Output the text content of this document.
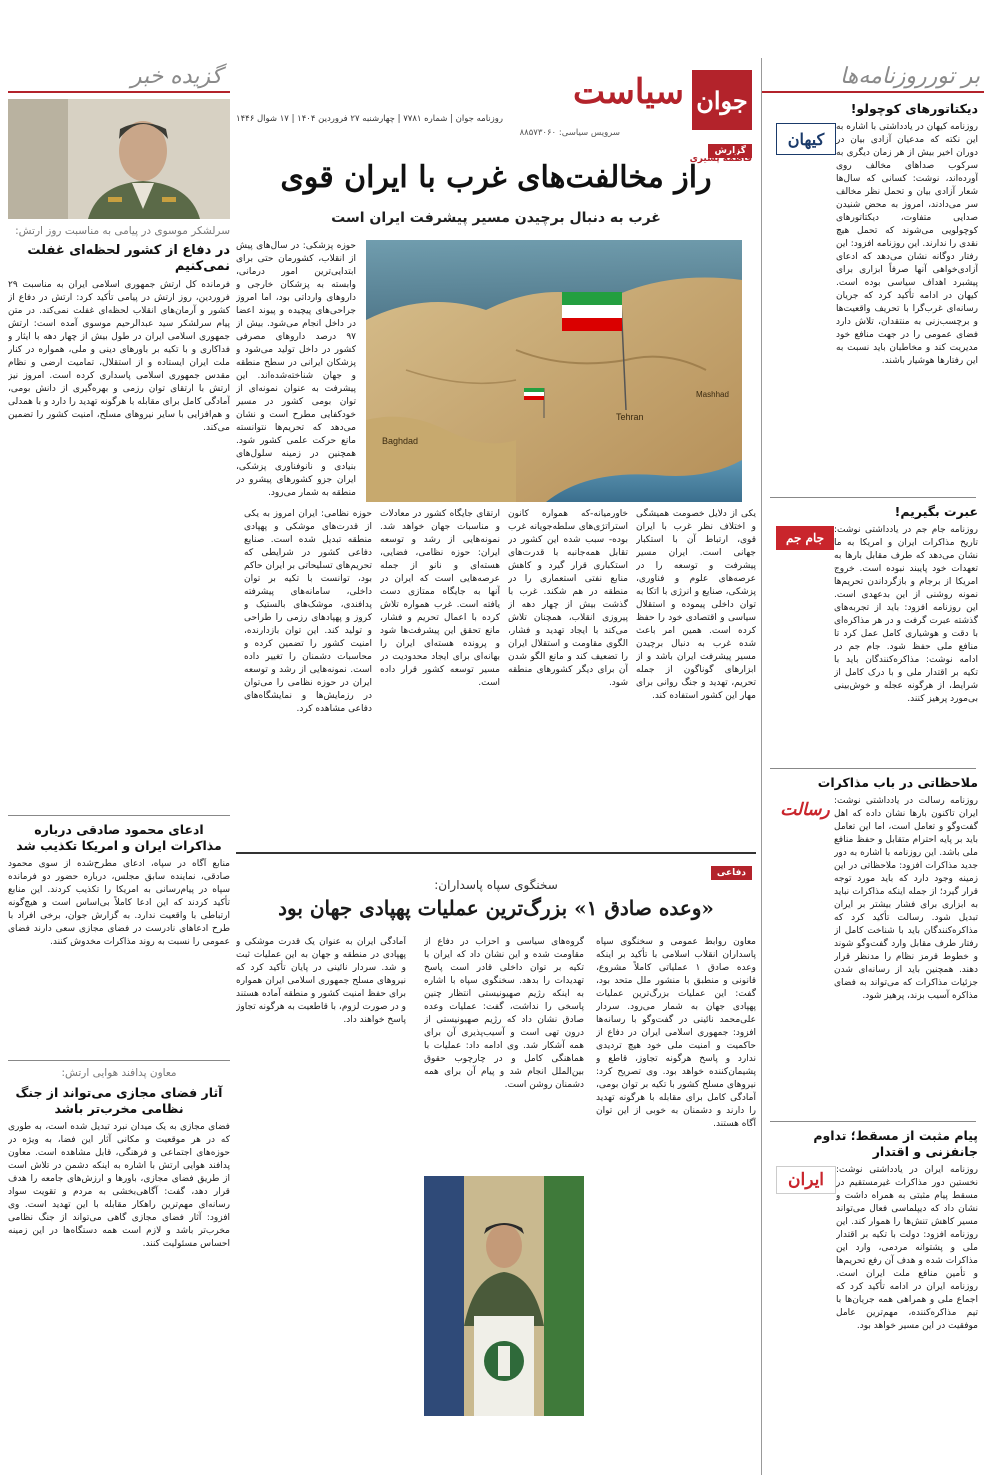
بر تورروزنامه‌ها
دیکتاتورهای کوچولو!
کیهان

روزنامه کیهان در یادداشتی با اشاره به این نکته که مدعیان آزادی بیان در دوران اخیر بیش از هر زمان دیگری به سرکوب صداهای مخالف روی آورده‌اند، نوشت: کسانی که سال‌ها شعار آزادی بیان و تحمل نظر مخالف سر می‌دادند، امروز به محض شنیدن صدایی متفاوت، دیکتاتورهای کوچولویی می‌شوند که تحمل هیچ نقدی را ندارند. این روزنامه افزود: این رفتار دوگانه نشان می‌دهد که ادعای آزادی‌خواهی آنها صرفاً ابزاری برای پیشبرد اهداف سیاسی بوده است. کیهان در ادامه تأکید کرد که جریان رسانه‌ای غرب‌گرا با تحریف واقعیت‌ها و برچسب‌زنی به منتقدان، تلاش دارد فضای عمومی را در جهت منافع خود مدیریت کند و مخاطبان باید نسبت به این رفتارها هوشیار باشند.

عبرت بگیریم!
جام جم

روزنامه جام جم در یادداشتی نوشت: تاریخ مذاکرات ایران و امریکا به ما نشان می‌دهد که طرف مقابل بارها به تعهدات خود پایبند نبوده است. خروج امریکا از برجام و بازگرداندن تحریم‌ها نمونه روشنی از این بدعهدی است. این روزنامه افزود: باید از تجربه‌های گذشته عبرت گرفت و در هر مذاکره‌ای با دقت و هوشیاری کامل عمل کرد تا منافع ملی حفظ شود. جام جم در ادامه نوشت: مذاکره‌کنندگان باید با تکیه بر اقتدار ملی و با درک کامل از شرایط، از هرگونه عجله و خوش‌بینی بی‌مورد پرهیز کنند.

ملاحظاتی در باب مذاکرات
رسالت روزنامه رسالت در یادداشتی نوشت: ایران تاکنون بارها نشان داده که اهل گفت‌وگو و تعامل است، اما این تعامل باید بر پایه احترام متقابل و حفظ منافع ملی باشد. این روزنامه با اشاره به دور جدید مذاکرات افزود: ملاحظاتی در این زمینه وجود دارد که باید مورد توجه قرار گیرد؛ از جمله اینکه مذاکرات نباید به ابزاری برای فشار بیشتر بر ایران تبدیل شود. رسالت تأکید کرد که مذاکره‌کنندگان باید با شناخت کامل از رفتار طرف مقابل وارد گفت‌وگو شوند و خطوط قرمز نظام را مدنظر قرار دهند. همچنین باید از رسانه‌ای شدن جزئیات مذاکرات که می‌تواند به فضای مذاکره آسیب بزند، پرهیز شود.

پیام مثبت از مسقط؛ تداوم جانفزنی و اقتدار
ایران روزنامه ایران در یادداشتی نوشت: نخستین دور مذاکرات غیرمستقیم در مسقط پیام مثبتی به همراه داشت و نشان داد که دیپلماسی فعال می‌تواند مسیر کاهش تنش‌ها را هموار کند. این روزنامه افزود: دولت با تکیه بر اقتدار ملی و پشتوانه مردمی، وارد این مذاکرات شده و هدف آن رفع تحریم‌ها و تأمین منافع ملت ایران است. روزنامه ایران در ادامه تأکید کرد که اجماع ملی و همراهی همه جریان‌ها با تیم مذاکره‌کننده، مهم‌ترین عامل موفقیت در این مسیر خواهد بود.

گزیده خبر
سرلشکر موسوی در پیامی به مناسبت روز ارتش:
در دفاع از کشور لحظه‌ای غفلت نمی‌کنیم

فرمانده کل ارتش جمهوری اسلامی ایران به مناسبت ۲۹ فروردین، روز ارتش در پیامی تأکید کرد: ارتش در دفاع از کشور و آرمان‌های انقلاب لحظه‌ای غفلت نمی‌کند. در متن پیام سرلشکر سید عبدالرحیم موسوی آمده است: ارتش جمهوری اسلامی ایران در طول بیش از چهار دهه با ایثار و فداکاری و با تکیه بر باورهای دینی و ملی، همواره در کنار ملت ایران ایستاده و از استقلال، تمامیت ارضی و نظام مقدس جمهوری اسلامی پاسداری کرده است. امروز نیز ارتش با ارتقای توان رزمی و بهره‌گیری از دانش بومی، آمادگی کامل برای مقابله با هرگونه تهدید را دارد و با همدلی و هم‌افزایی با سایر نیروهای مسلح، امنیت کشور را تضمین می‌کند.

ادعای محمود صادقی درباره مذاکرات ایران و امریکا تکذیب شد

منابع آگاه در سپاه، ادعای مطرح‌شده از سوی محمود صادقی، نماینده سابق مجلس، درباره حضور دو فرمانده سپاه در پیام‌رسانی به امریکا را تکذیب کردند. این منابع تأکید کردند که این ادعا کاملاً بی‌اساس است و هیچ‌گونه ارتباطی با واقعیت ندارد. به گزارش جوان، برخی افراد با طرح ادعاهای نادرست در فضای مجازی سعی دارند فضای عمومی را نسبت به روند مذاکرات مخدوش کنند.

معاون پدافند هوایی ارتش:
آثار فضای مجازی می‌تواند از جنگ نظامی مخرب‌تر باشد

فضای مجازی به یک میدان نبرد تبدیل شده است، به طوری که در هر موقعیت و مکانی آثار این فضا، به ویژه در حوزه‌های اجتماعی و فرهنگی، قابل مشاهده است. معاون پدافند هوایی ارتش با اشاره به اینکه دشمن در تلاش است از طریق فضای مجازی، باورها و ارزش‌های جامعه را هدف قرار دهد، گفت: آگاهی‌بخشی به مردم و تقویت سواد رسانه‌ای مهم‌ترین راهکار مقابله با این تهدید است. وی افزود: آثار فضای مجازی گاهی می‌تواند از جنگ نظامی مخرب‌تر باشد و لازم است همه دستگاه‌ها در این زمینه احساس مسئولیت کنند.

جوان
سیاست
روزنامه جوان | شماره ۷۷۸۱ | چهارشنبه ۲۷ فروردین ۱۴۰۴ | ۱۷ شوال ۱۴۴۶
سرویس سیاسی: ۸۸۵۷۳۰۶۰
گزارش
فاطمه پسیری
راز مخالفت‌های غرب با ایران قوی
غرب به دنبال برچیدن مسیر پیشرفت ایران است
Tehran
Baghdad
Mashhad

حوزه پزشکی: در سال‌های پیش از انقلاب، کشورمان حتی برای ابتدایی‌ترین امور درمانی، وابسته به پزشکان خارجی و داروهای وارداتی بود، اما امروز جراحی‌های پیچیده و پیوند اعضا در داخل انجام می‌شود. بیش از ۹۷ درصد داروهای مصرفی کشور در داخل تولید می‌شود و پزشکان ایرانی در سطح منطقه و جهان شناخته‌شده‌اند. این پیشرفت به عنوان نمونه‌ای از توان بومی کشور در مسیر خودکفایی مطرح است و نشان می‌دهد که تحریم‌ها نتوانسته مانع حرکت علمی کشور شود. همچنین در زمینه سلول‌های بنیادی و نانوفناوری پزشکی، ایران جزو کشورهای پیشرو در منطقه به شمار می‌رود.

یکی از دلایل خصومت همیشگی و اختلاف نظر غرب با ایران قوی، ارتباط آن با استکبار جهانی است. ایران مسیر پیشرفت و توسعه را در عرصه‌های علوم و فناوری، پزشکی، صنایع و انرژی با اتکا به توان داخلی پیموده و استقلال سیاسی و اقتصادی خود را حفظ کرده است. همین امر باعث شده غرب به دنبال برچیدن مسیر پیشرفت ایران باشد و از ابزارهای گوناگون از جمله تحریم، تهدید و جنگ روانی برای مهار این کشور استفاده کند.

خاورمیانه-که همواره کانون استراتژی‌های سلطه‌جویانه غرب بوده- سبب شده این کشور در تقابل همه‌جانبه با قدرت‌های استکباری قرار گیرد و کاهش منابع نفتی استعماری را در منطقه در هم شکند. غرب با گذشت بیش از چهار دهه از پیروزی انقلاب، همچنان تلاش می‌کند با ایجاد تهدید و فشار، الگوی مقاومت و استقلال ایران را تضعیف کند و مانع الگو شدن آن برای دیگر کشورهای منطقه شود.

ارتقای جایگاه کشور در معادلات و مناسبات جهان خواهد شد. نمونه‌هایی از رشد و توسعه ایران: حوزه نظامی، فضایی، هسته‌ای و نانو از جمله عرصه‌هایی است که ایران در آنها به جایگاه ممتازی دست یافته است. غرب همواره تلاش کرده با اعمال تحریم و فشار، مانع تحقق این پیشرفت‌ها شود و پرونده هسته‌ای ایران را بهانه‌ای برای ایجاد محدودیت در مسیر توسعه کشور قرار داده است.

حوزه نظامی: ایران امروز به یکی از قدرت‌های موشکی و پهپادی منطقه تبدیل شده است. صنایع دفاعی کشور در شرایطی که تحریم‌های تسلیحاتی بر ایران حاکم بود، توانست با تکیه بر توان داخلی، سامانه‌های پیشرفته پدافندی، موشک‌های بالستیک و کروز و پهپادهای رزمی را طراحی و تولید کند. این توان بازدارنده، امنیت کشور را تضمین کرده و محاسبات دشمنان را تغییر داده است. نمونه‌هایی از رشد و توسعه ایران در حوزه نظامی را می‌توان در رزمایش‌ها و نمایشگاه‌های دفاعی مشاهده کرد.

دفاعی
سخنگوی سپاه پاسداران:
«وعده صادق ۱» بزرگ‌ترین عملیات پهپادی جهان بود

معاون روابط عمومی و سخنگوی سپاه پاسداران انقلاب اسلامی با تأکید بر اینکه وعده صادق ۱ عملیاتی کاملاً مشروع، قانونی و منطبق با منشور ملل متحد بود، گفت: این عملیات بزرگ‌ترین عملیات پهپادی جهان به شمار می‌رود. سردار علی‌محمد نائینی در گفت‌وگو با رسانه‌ها افزود: جمهوری اسلامی ایران در دفاع از حاکمیت و امنیت ملی خود هیچ تردیدی ندارد و پاسخ هرگونه تجاوز، قاطع و پشیمان‌کننده خواهد بود. وی تصریح کرد: نیروهای مسلح کشور با تکیه بر توان بومی، آمادگی کامل برای مقابله با هرگونه تهدید را دارند و دشمنان به خوبی از این توان آگاه هستند.

گروه‌های سیاسی و احزاب در دفاع از مقاومت شده و این نشان داد که ایران با تکیه بر توان داخلی قادر است پاسخ تهدیدات را بدهد. سخنگوی سپاه با اشاره به اینکه رژیم صهیونیستی انتظار چنین پاسخی را نداشت، گفت: عملیات وعده صادق نشان داد که رژیم صهیونیستی از درون تهی است و آسیب‌پذیری آن برای همه آشکار شد. وی ادامه داد: عملیات با هماهنگی کامل و در چارچوب حقوق بین‌الملل انجام شد و پیام آن برای همه دشمنان روشن است.

آمادگی ایران به عنوان یک قدرت موشکی و پهپادی در منطقه و جهان به این عملیات ثبت و شد. سردار نائینی در پایان تأکید کرد که نیروهای مسلح جمهوری اسلامی ایران همواره برای حفظ امنیت کشور و منطقه آماده هستند و در صورت لزوم، با قاطعیت به هرگونه تجاوز پاسخ خواهند داد.
